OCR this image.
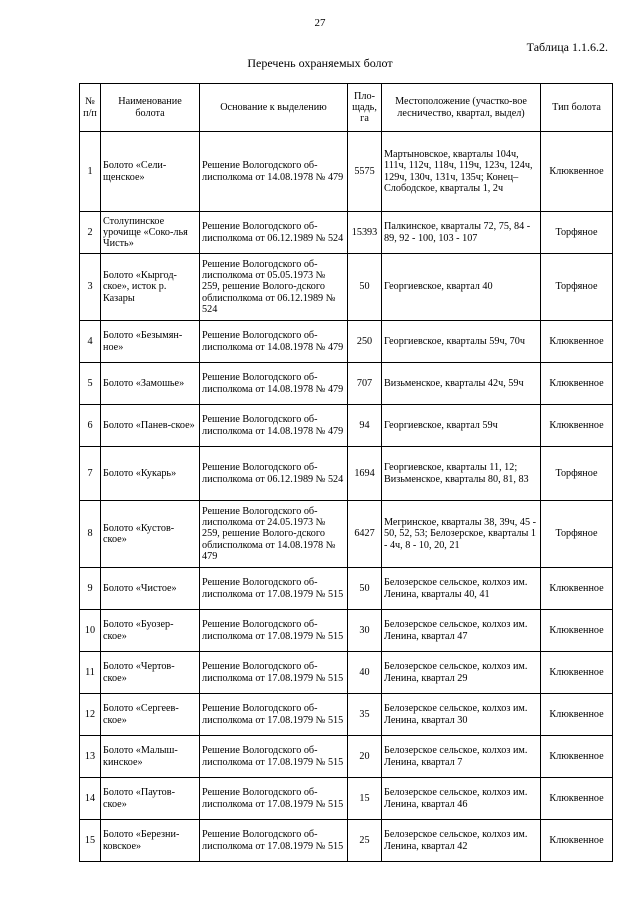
27
Таблица 1.1.6.2.
Перечень охраняемых болот
№ п/п	Наименование болота	Основание к выделению	Пло-щадь, га	Местоположение (участко-вое лесничество, квартал, выдел)	Тип болота
1	Болото «Сели-щенское»	Решение Вологодского об-лисполкома от 14.08.1978 № 479	5575	Мартыновское, кварталы 104ч, 111ч, 112ч, 118ч, 119ч, 123ч, 124ч, 129ч, 130ч, 131ч, 135ч; Конец–Слободское, кварталы 1, 2ч	Клюквенное
2	Столупинское урочище «Соко-лья Чисть»	Решение Вологодского об-лисполкома от 06.12.1989 № 524	15393	Палкинское, кварталы 72, 75, 84 - 89, 92 - 100, 103 - 107	Торфяное
3	Болото «Кыргод-ское», исток р. Казары	Решение Вологодского об-лисполкома от 05.05.1973 № 259, решение Волого-дского облисполкома от 06.12.1989 № 524	50	Георгиевское, квартал 40	Торфяное
4	Болото «Безымян-ное»	Решение Вологодского об-лисполкома от 14.08.1978 № 479	250	Георгиевское, кварталы 59ч, 70ч	Клюквенное
5	Болото «Замошье»	Решение Вологодского об-лисполкома от 14.08.1978 № 479	707	Визьменское, кварталы 42ч, 59ч	Клюквенное
6	Болото «Панев-ское»	Решение Вологодского об-лисполкома от 14.08.1978 № 479	94	Георгиевское, квартал 59ч	Клюквенное
7	Болото «Кукарь»	Решение Вологодского об-лисполкома от 06.12.1989 № 524	1694	Георгиевское, кварталы 11, 12; Визьменское, кварталы 80, 81, 83	Торфяное
8	Болото «Кустов-ское»	Решение Вологодского об-лисполкома от 24.05.1973 № 259, решение Волого-дского облисполкома от 14.08.1978 № 479	6427	Мегринское, кварталы 38, 39ч, 45 - 50, 52, 53; Белозерское, кварталы 1 - 4ч, 8 - 10, 20, 21	Торфяное
9	Болото «Чистое»	Решение Вологодского об-лисполкома от 17.08.1979 № 515	50	Белозерское сельское, колхоз им. Ленина, кварталы 40, 41	Клюквенное
10	Болото «Буозер-ское»	Решение Вологодского об-лисполкома от 17.08.1979 № 515	30	Белозерское сельское, колхоз им. Ленина, квартал 47	Клюквенное
11	Болото «Чертов-ское»	Решение Вологодского об-лисполкома от 17.08.1979 № 515	40	Белозерское сельское, колхоз им. Ленина, квартал 29	Клюквенное
12	Болото «Сергеев-ское»	Решение Вологодского об-лисполкома от 17.08.1979 № 515	35	Белозерское сельское, колхоз им. Ленина, квартал 30	Клюквенное
13	Болото «Малыш-кинское»	Решение Вологодского об-лисполкома от 17.08.1979 № 515	20	Белозерское сельское, колхоз им. Ленина, квартал 7	Клюквенное
14	Болото «Паутов-ское»	Решение Вологодского об-лисполкома от 17.08.1979 № 515	15	Белозерское сельское, колхоз им. Ленина, квартал 46	Клюквенное
15	Болото «Березни-ковское»	Решение Вологодского об-лисполкома от 17.08.1979 № 515	25	Белозерское сельское, колхоз им. Ленина, квартал 42	Клюквенное
